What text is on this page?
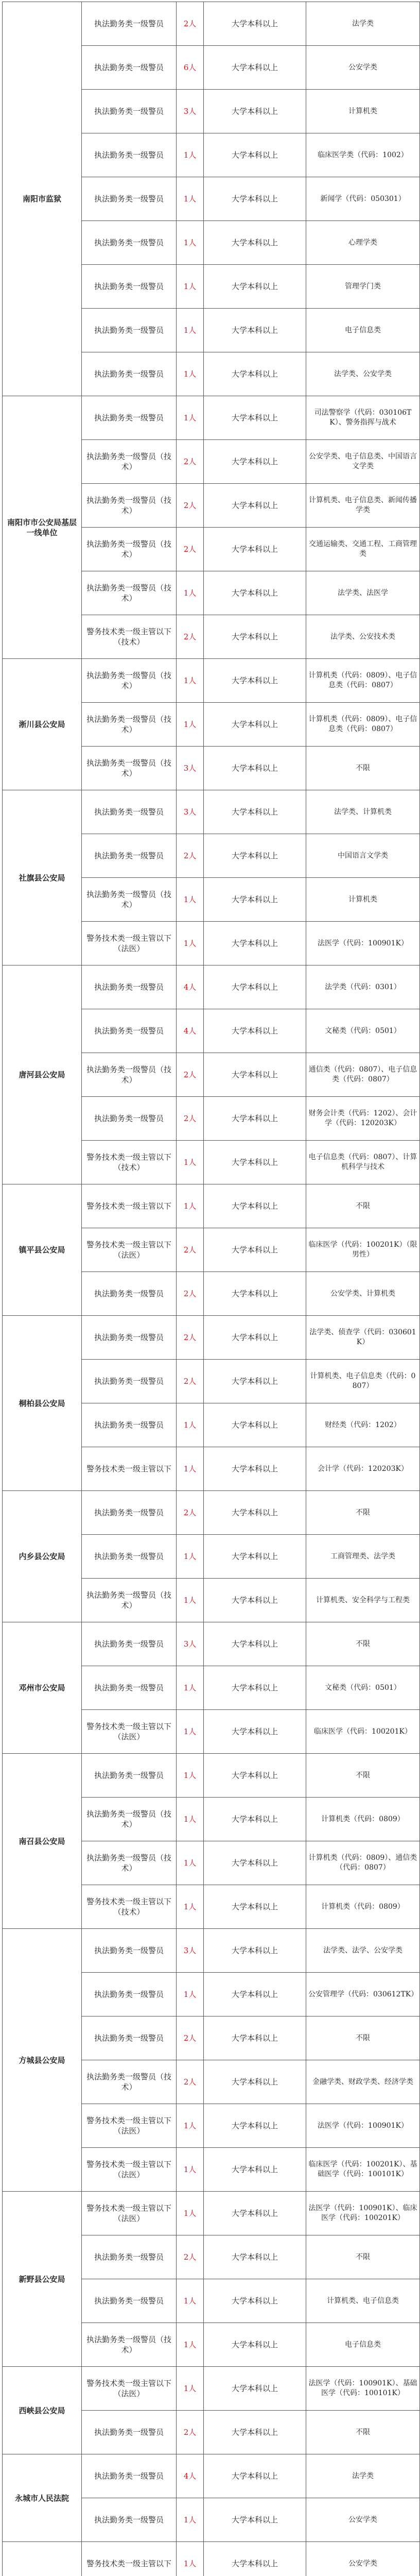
南阳市监狱	执法勤务类一级警员	2人	大学本科以上	法学类
	执法勤务类一级警员	6人	大学本科以上	公安学类
	执法勤务类一级警员	3人	大学本科以上	计算机类
	执法勤务类一级警员	1人	大学本科以上	临床医学类（代码：1002）
	执法勤务类一级警员	1人	大学本科以上	新闻学（代码：050301）
	执法勤务类一级警员	1人	大学本科以上	心理学类
	执法勤务类一级警员	1人	大学本科以上	管理学门类
	执法勤务类一级警员	1人	大学本科以上	电子信息类
	执法勤务类一级警员	1人	大学本科以上	法学类、公安学类
南阳市市公安局基层一线单位	执法勤务类一级警员	1人	大学本科以上	司法警察学（代码：030106TK）、警务指挥与战术
	执法勤务类一级警员（技术）	2人	大学本科以上	公安学类、电子信息类、中国语言文学类
	执法勤务类一级警员（技术）	2人	大学本科以上	计算机类、电子信息类、新闻传播学类
	执法勤务类一级警员（技术）	2人	大学本科以上	交通运输类、交通工程、工商管理类
	执法勤务类一级警员（技术）	1人	大学本科以上	法学类、法医学
	警务技术类一级主管以下（技术）	2人	大学本科以上	法学类、公安技术类
淅川县公安局	执法勤务类一级警员（技术）	1人	大学本科以上	计算机类（代码：0809）、电子信息类（代码：0807）
	执法勤务类一级警员（技术）	1人	大学本科以上	计算机类（代码：0809）、电子信息类（代码：0807）
	执法勤务类一级警员（技术）	3人	大学本科以上	不限
社旗县公安局	执法勤务类一级警员	3人	大学本科以上	法学类、计算机类
	执法勤务类一级警员	2人	大学本科以上	中国语言文学类
	执法勤务类一级警员（技术）	1人	大学本科以上	计算机类
	警务技术类一级主管以下（法医）	1人	大学本科以上	法医学（代码：100901K）
唐河县公安局	执法勤务类一级警员	4人	大学本科以上	法学类（代码：0301）
	执法勤务类一级警员	4人	大学本科以上	文秘类（代码：0501）
	执法勤务类一级警员（技术）	2人	大学本科以上	通信类（代码：0807）、电子信息类（代码：0807）
	执法勤务类一级警员	2人	大学本科以上	财务会计类（代码：1202）、会计学（代码：120203K）
	警务技术类一级主管以下（技术）	1人	大学本科以上	电子信息类（代码：0807）、计算机科学与技术
镇平县公安局	警务技术类一级主管以下	1人	大学本科以上	不限
	警务技术类一级主管以下（法医）	2人	大学本科以上	临床医学（代码：100201K）（限男性）
	执法勤务类一级警员	2人	大学本科以上	公安学类、计算机类
桐柏县公安局	执法勤务类一级警员	2人	大学本科以上	法学类、侦查学（代码：030601K）
	执法勤务类一级警员	2人	大学本科以上	计算机类、电子信息类（代码：0807）
	执法勤务类一级警员	1人	大学本科以上	财经类（代码：1202）
	警务技术类一级主管以下	1人	大学本科以上	会计学（代码：120203K）
内乡县公安局	执法勤务类一级警员	2人	大学本科以上	不限
	执法勤务类一级警员	1人	大学本科以上	工商管理类、法学类
	执法勤务类一级警员（技术）	1人	大学本科以上	计算机类、安全科学与工程类
邓州市公安局	执法勤务类一级警员	3人	大学本科以上	不限
	执法勤务类一级警员	1人	大学本科以上	文秘类（代码：0501）
	警务技术类一级主管以下（法医）	1人	大学本科以上	临床医学（代码：100201K）
南召县公安局	执法勤务类一级警员	1人	大学本科以上	不限
	执法勤务类一级警员（技术）	1人	大学本科以上	计算机类（代码：0809）
	执法勤务类一级警员（技术）	1人	大学本科以上	计算机类（代码：0809）、通信类（代码：0807）
	警务技术类一级主管以下（技术）	1人	大学本科以上	计算机类（代码：0809）
方城县公安局	执法勤务类一级警员	3人	大学本科以上	法学类、法学、公安学类
	执法勤务类一级警员	1人	大学本科以上	公安管理学（代码：030612TK）
	执法勤务类一级警员	2人	大学本科以上	不限
	执法勤务类一级警员（技术）	2人	大学本科以上	金融学类、财政学类、经济学类
	警务技术类一级主管以下（法医）	1人	大学本科以上	法医学（代码：100901K）
	警务技术类一级主管以下（法医）	1人	大学本科以上	临床医学（代码：100201K）、基础医学（代码：100101K）
新野县公安局	警务技术类一级主管以下（法医）	1人	大学本科以上	法医学（代码：100901K）、临床医学（代码：100201K）
	执法勤务类一级警员	2人	大学本科以上	不限
	执法勤务类一级警员	1人	大学本科以上	计算机类、电子信息类
	执法勤务类一级警员（技术）	1人	大学本科以上	电子信息类
西峡县公安局	警务技术类一级主管以下（法医）	1人	大学本科以上	法医学（代码：100901K）、基础医学（代码：100101K）
	执法勤务类一级警员	2人	大学本科以上	不限
永城市人民法院	执法勤务类一级警员	4人	大学本科以上	法学类
	执法勤务类一级警员	1人	大学本科以上	公安学类
	警务技术类一级主管以下	1人	大学本科以上	公安学类
